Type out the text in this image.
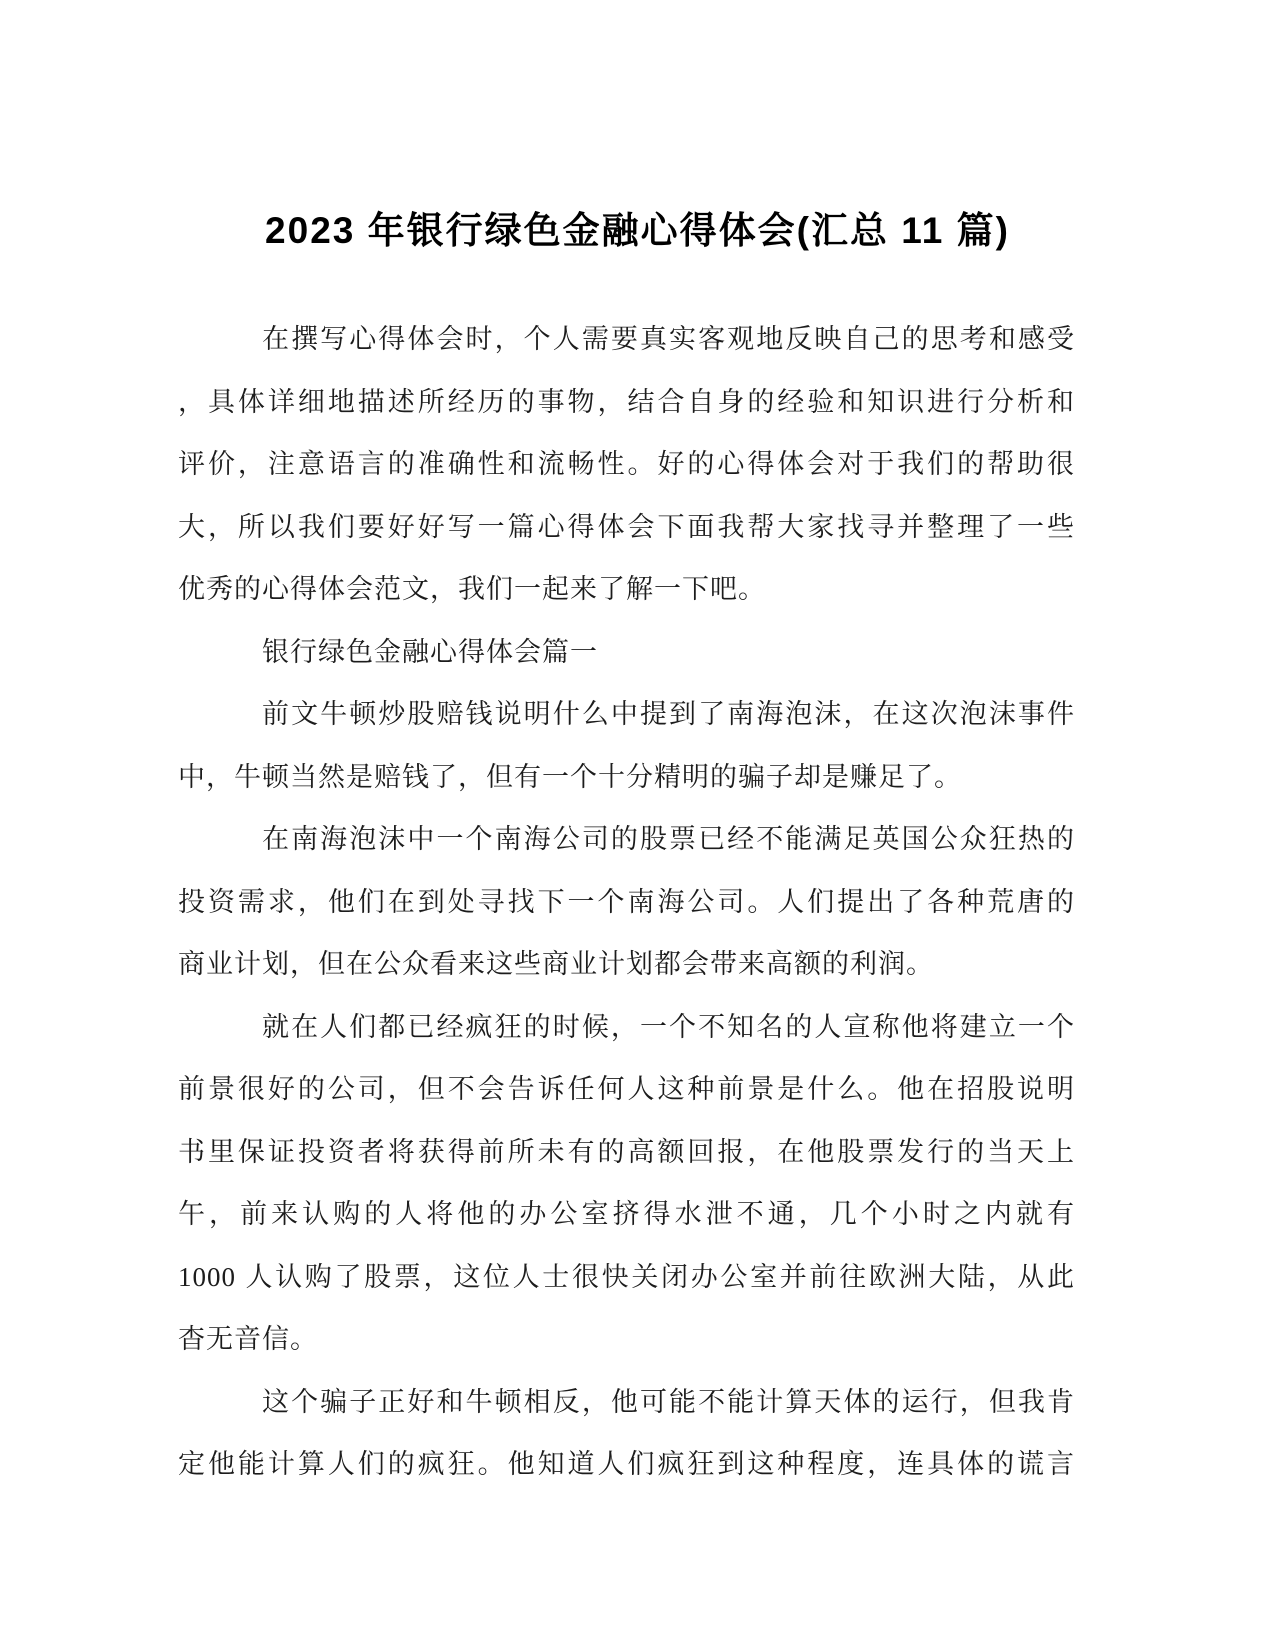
2023 年银行绿色金融心得体会(汇总 11 篇)
在撰写心得体会时，个人需要真实客观地反映自己的思考和感受
，具体详细地描述所经历的事物，结合自身的经验和知识进行分析和
评价，注意语言的准确性和流畅性。好的心得体会对于我们的帮助很
大，所以我们要好好写一篇心得体会下面我帮大家找寻并整理了一些
优秀的心得体会范文，我们一起来了解一下吧。
银行绿色金融心得体会篇一
前文牛顿炒股赔钱说明什么中提到了南海泡沫，在这次泡沫事件
中，牛顿当然是赔钱了，但有一个十分精明的骗子却是赚足了。
在南海泡沫中一个南海公司的股票已经不能满足英国公众狂热的
投资需求，他们在到处寻找下一个南海公司。人们提出了各种荒唐的
商业计划，但在公众看来这些商业计划都会带来高额的利润。
就在人们都已经疯狂的时候，一个不知名的人宣称他将建立一个
前景很好的公司，但不会告诉任何人这种前景是什么。他在招股说明
书里保证投资者将获得前所未有的高额回报，在他股票发行的当天上
午，前来认购的人将他的办公室挤得水泄不通，几个小时之内就有
1000 人认购了股票，这位人士很快关闭办公室并前往欧洲大陆，从此
杳无音信。
这个骗子正好和牛顿相反，他可能不能计算天体的运行，但我肯
定他能计算人们的疯狂。他知道人们疯狂到这种程度，连具体的谎言
